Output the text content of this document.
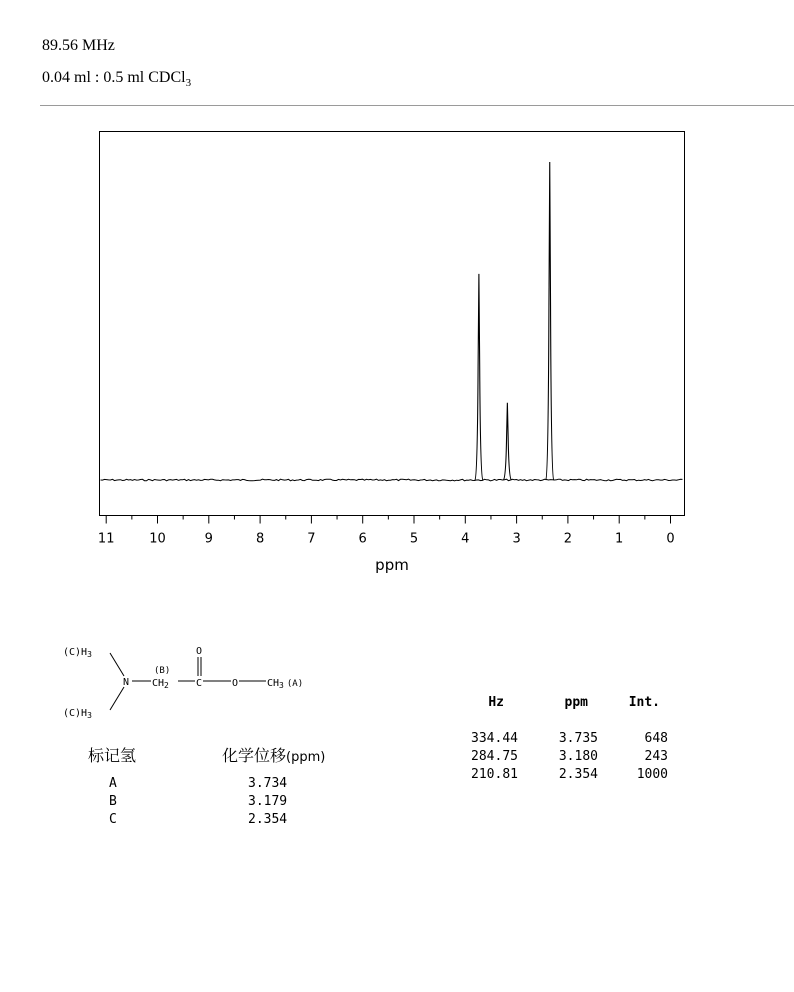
89.56 MHz
0.04 ml : 0.5 ml CDCl$_3$
11	10	9	8	7	6	5	4	3	2	1	0
ppm
$(C)H_3$
$(C)H_3$
N
(B)
$CH_2$
O
C	O	$CH_3$ (A)
标记氢	化学位移(ppm)
A	3.734
B	3.179
C	2.354
Hz	ppm	Int.
334.44	3.735	648
284.75	3.180	243
210.81	2.354	1000
